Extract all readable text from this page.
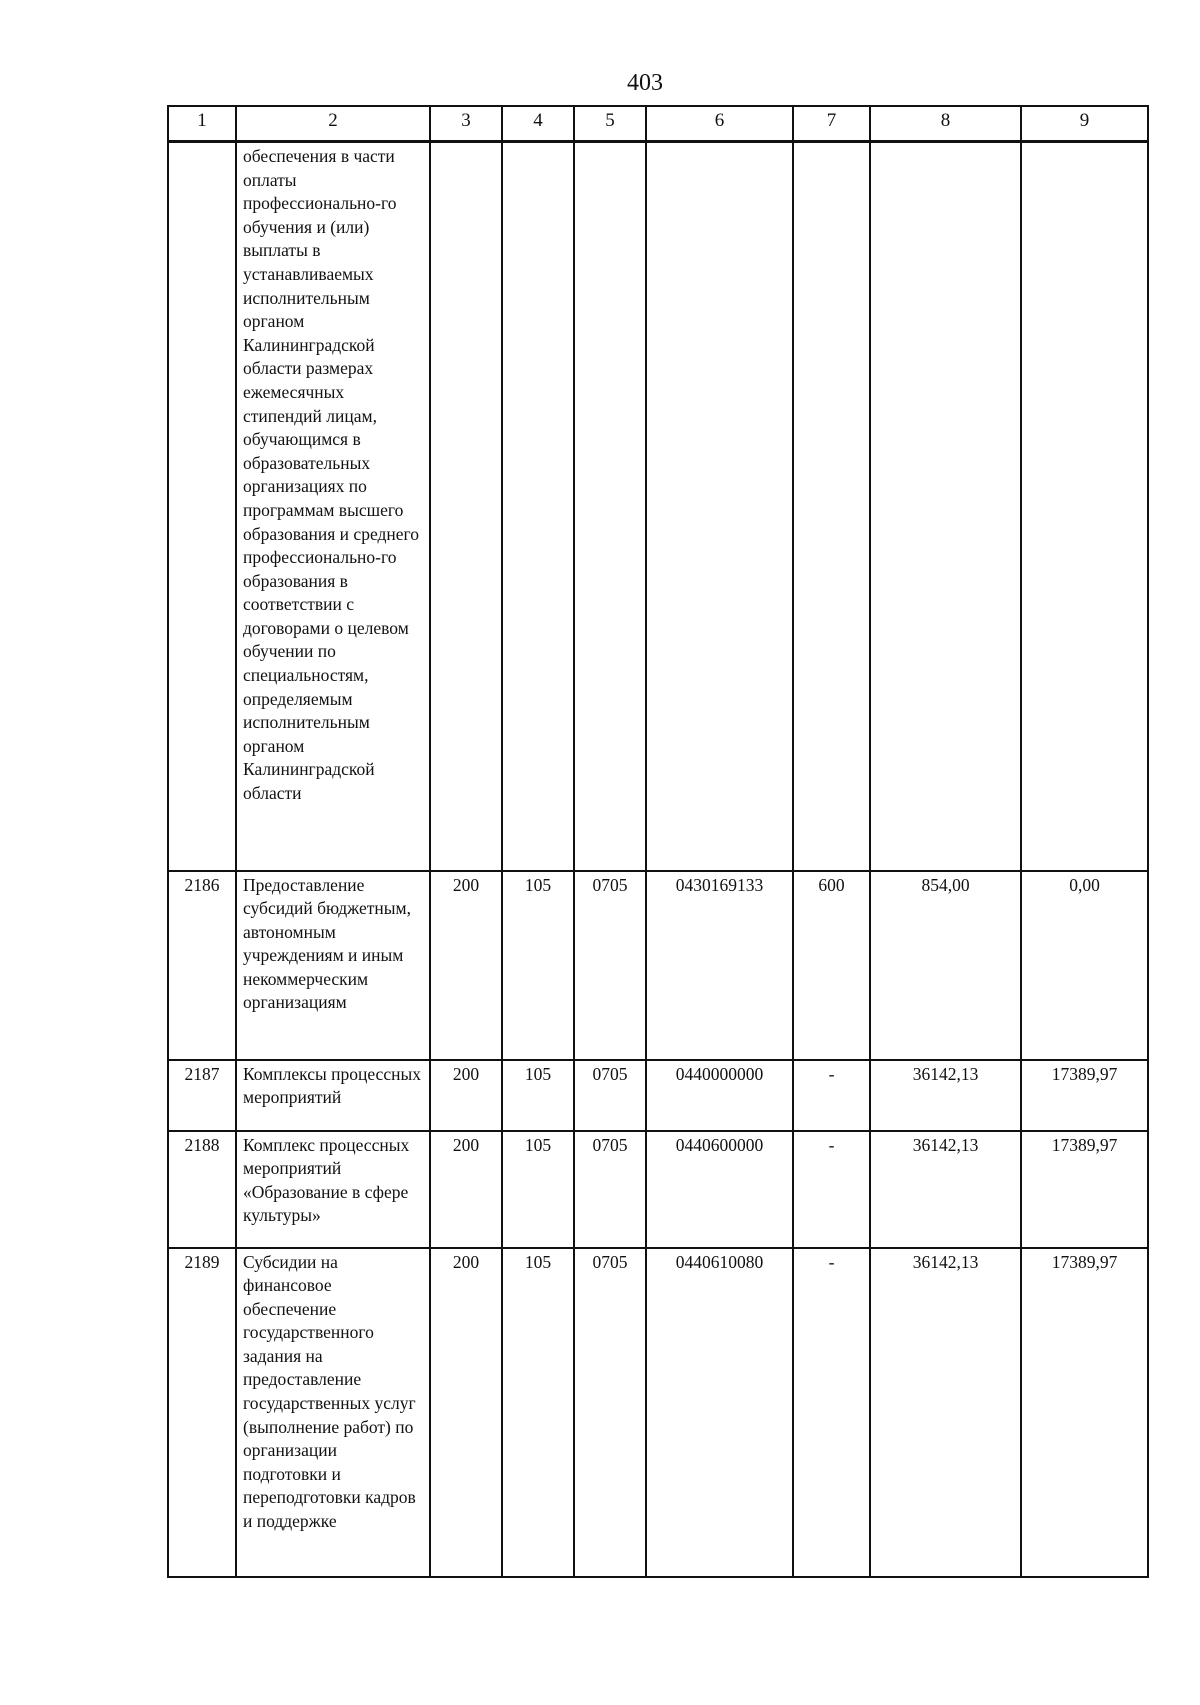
403
1	2	3	4	5	6	7	8	9
	обеспечения в части оплаты профессионально-го обучения и (или) выплаты в устанавливаемых исполнительным органом Калининградской области размерах ежемесячных стипендий лицам, обучающимся в образовательных организациях по программам высшего образования и среднего профессионально-го образования в соответствии с договорами о целевом обучении по специальностям, определяемым исполнительным органом Калининградской области							
2186	Предоставление субсидий бюджетным, автономным учреждениям и иным некоммерческим организациям	200	105	0705	0430169133	600	854,00	0,00
2187	Комплексы процессных мероприятий	200	105	0705	0440000000	-	36142,13	17389,97
2188	Комплекс процессных мероприятий «Образование в сфере культуры»	200	105	0705	0440600000	-	36142,13	17389,97
2189	Субсидии на финансовое обеспечение государственного задания на предоставление государственных услуг (выполнение работ) по организации подготовки и переподготовки кадров и поддержке	200	105	0705	0440610080	-	36142,13	17389,97
